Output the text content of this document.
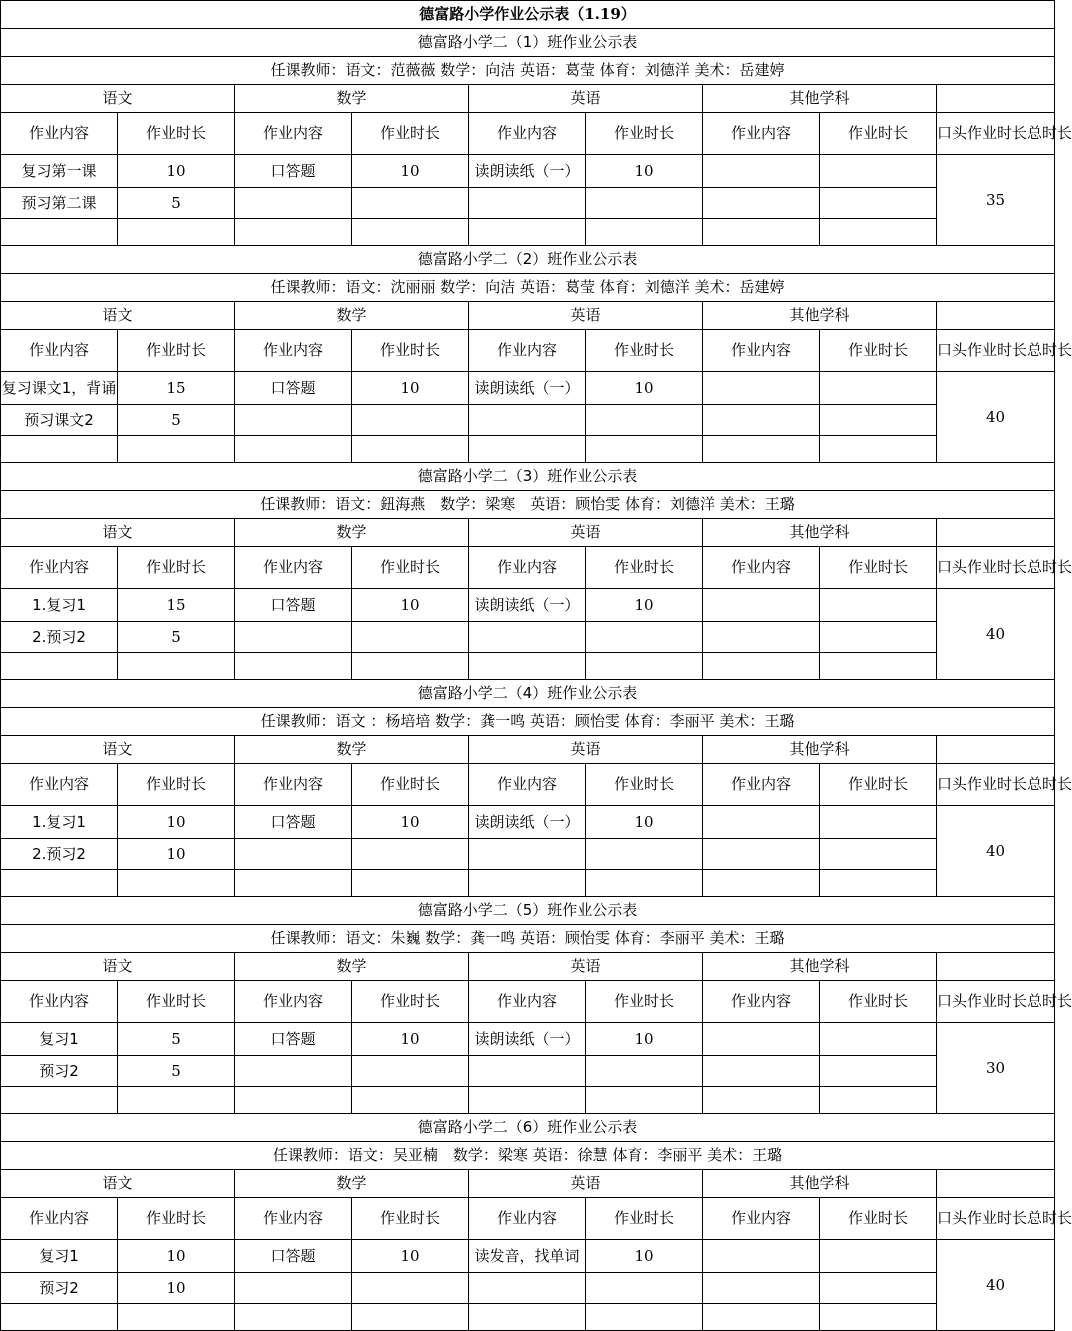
德富路小学作业公示表（1.19）								
德富路小学二（1）班作业公示表								
任课教师：语文：范薇薇 数学：向洁 英语：葛莹 体育：刘德洋 美术：岳建婷								
语文		数学		英语		其他学科		
作业内容	作业时长	作业内容	作业时长	作业内容	作业时长	作业内容	作业时长	口头作业时长总时长
复习第一课	10	口答题	10	读朗读纸（一）	10			35
预习第二课	5							

德富路小学二（2）班作业公示表								
任课教师：语文：沈丽丽 数学：向洁 英语：葛莹 体育：刘德洋 美术：岳建婷								
语文		数学		英语		其他学科		
作业内容	作业时长	作业内容	作业时长	作业内容	作业时长	作业内容	作业时长	口头作业时长总时长
复习课文1，背诵	15	口答题	10	读朗读纸（一）	10			40
预习课文2	5							

德富路小学二（3）班作业公示表								
任课教师：语文：鈕海燕　数学：梁寒　英语：顾怡雯 体育：刘德洋 美术：王璐								
语文		数学		英语		其他学科		
作业内容	作业时长	作业内容	作业时长	作业内容	作业时长	作业内容	作业时长	口头作业时长总时长
1.复习1	15	口答题	10	读朗读纸（一）	10			40
2.预习2	5							

德富路小学二（4）班作业公示表								
任课教师：语文 ：杨培培 数学：龚一鸣 英语：顾怡雯 体育：李丽平 美术：王璐								
语文		数学		英语		其他学科		
作业内容	作业时长	作业内容	作业时长	作业内容	作业时长	作业内容	作业时长	口头作业时长总时长
1.复习1	10	口答题	10	读朗读纸（一）	10			40
2.预习2	10							

德富路小学二（5）班作业公示表								
任课教师：语文：朱巍 数学：龚一鸣 英语：顾怡雯 体育：李丽平 美术：王璐								
语文		数学		英语		其他学科		
作业内容	作业时长	作业内容	作业时长	作业内容	作业时长	作业内容	作业时长	口头作业时长总时长
复习1	5	口答题	10	读朗读纸（一）	10			30
预习2	5							

德富路小学二（6）班作业公示表								
任课教师：语文：吴亚楠　数学：梁寒 英语：徐慧 体育：李丽平 美术：王璐								
语文		数学		英语		其他学科		
作业内容	作业时长	作业内容	作业时长	作业内容	作业时长	作业内容	作业时长	口头作业时长总时长
复习1	10	口答题	10	读发音，找单词	10			40
预习2	10							
